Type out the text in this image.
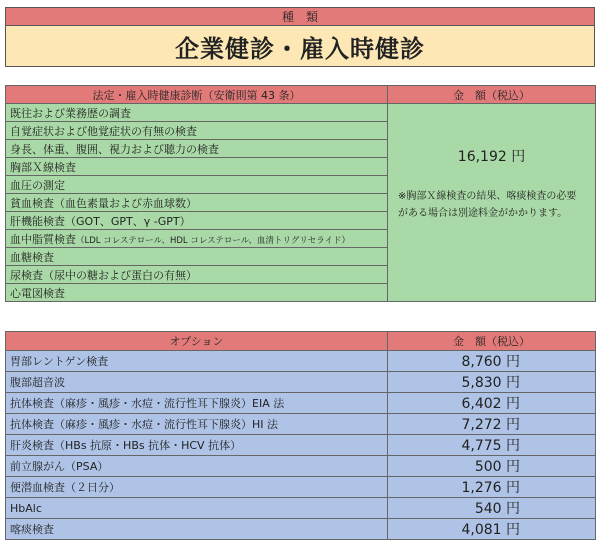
種　類
企業健診・雇入時健診
法定・雇入時健康診断（安衛則第 43 条）	金　額（税込）
既往および業務歴の調査	16,192 円
※胸部Ｘ線検査の結果、喀痰検査の必要がある場合は別途料金がかかります。

自覚症状および他覚症状の有無の検査	
身長、体重、腹囲、視力および聴力の検査	
胸部Ｘ線検査	
血圧の測定	
貧血検査（血色素量および赤血球数）	
肝機能検査（GOT、GPT、γ -GPT）	
血中脂質検査（LDL コレステロール、HDL コレステロール、血清トリグリセライド）	
血糖検査	
尿検査（尿中の糖および蛋白の有無）	
心電図検査	
オプション	金　額（税込）
胃部レントゲン検査	8,760 円
腹部超音波	5,830 円
抗体検査（麻疹・風疹・水痘・流行性耳下腺炎）EIA 法	6,402 円
抗体検査（麻疹・風疹・水痘・流行性耳下腺炎）HI 法	7,272 円
肝炎検査（HBs 抗原・HBs 抗体・HCV 抗体）	4,775 円
前立腺がん（PSA）	500 円
便潜血検査（２日分）	1,276 円
HbAlc	540 円
喀痰検査	4,081 円
